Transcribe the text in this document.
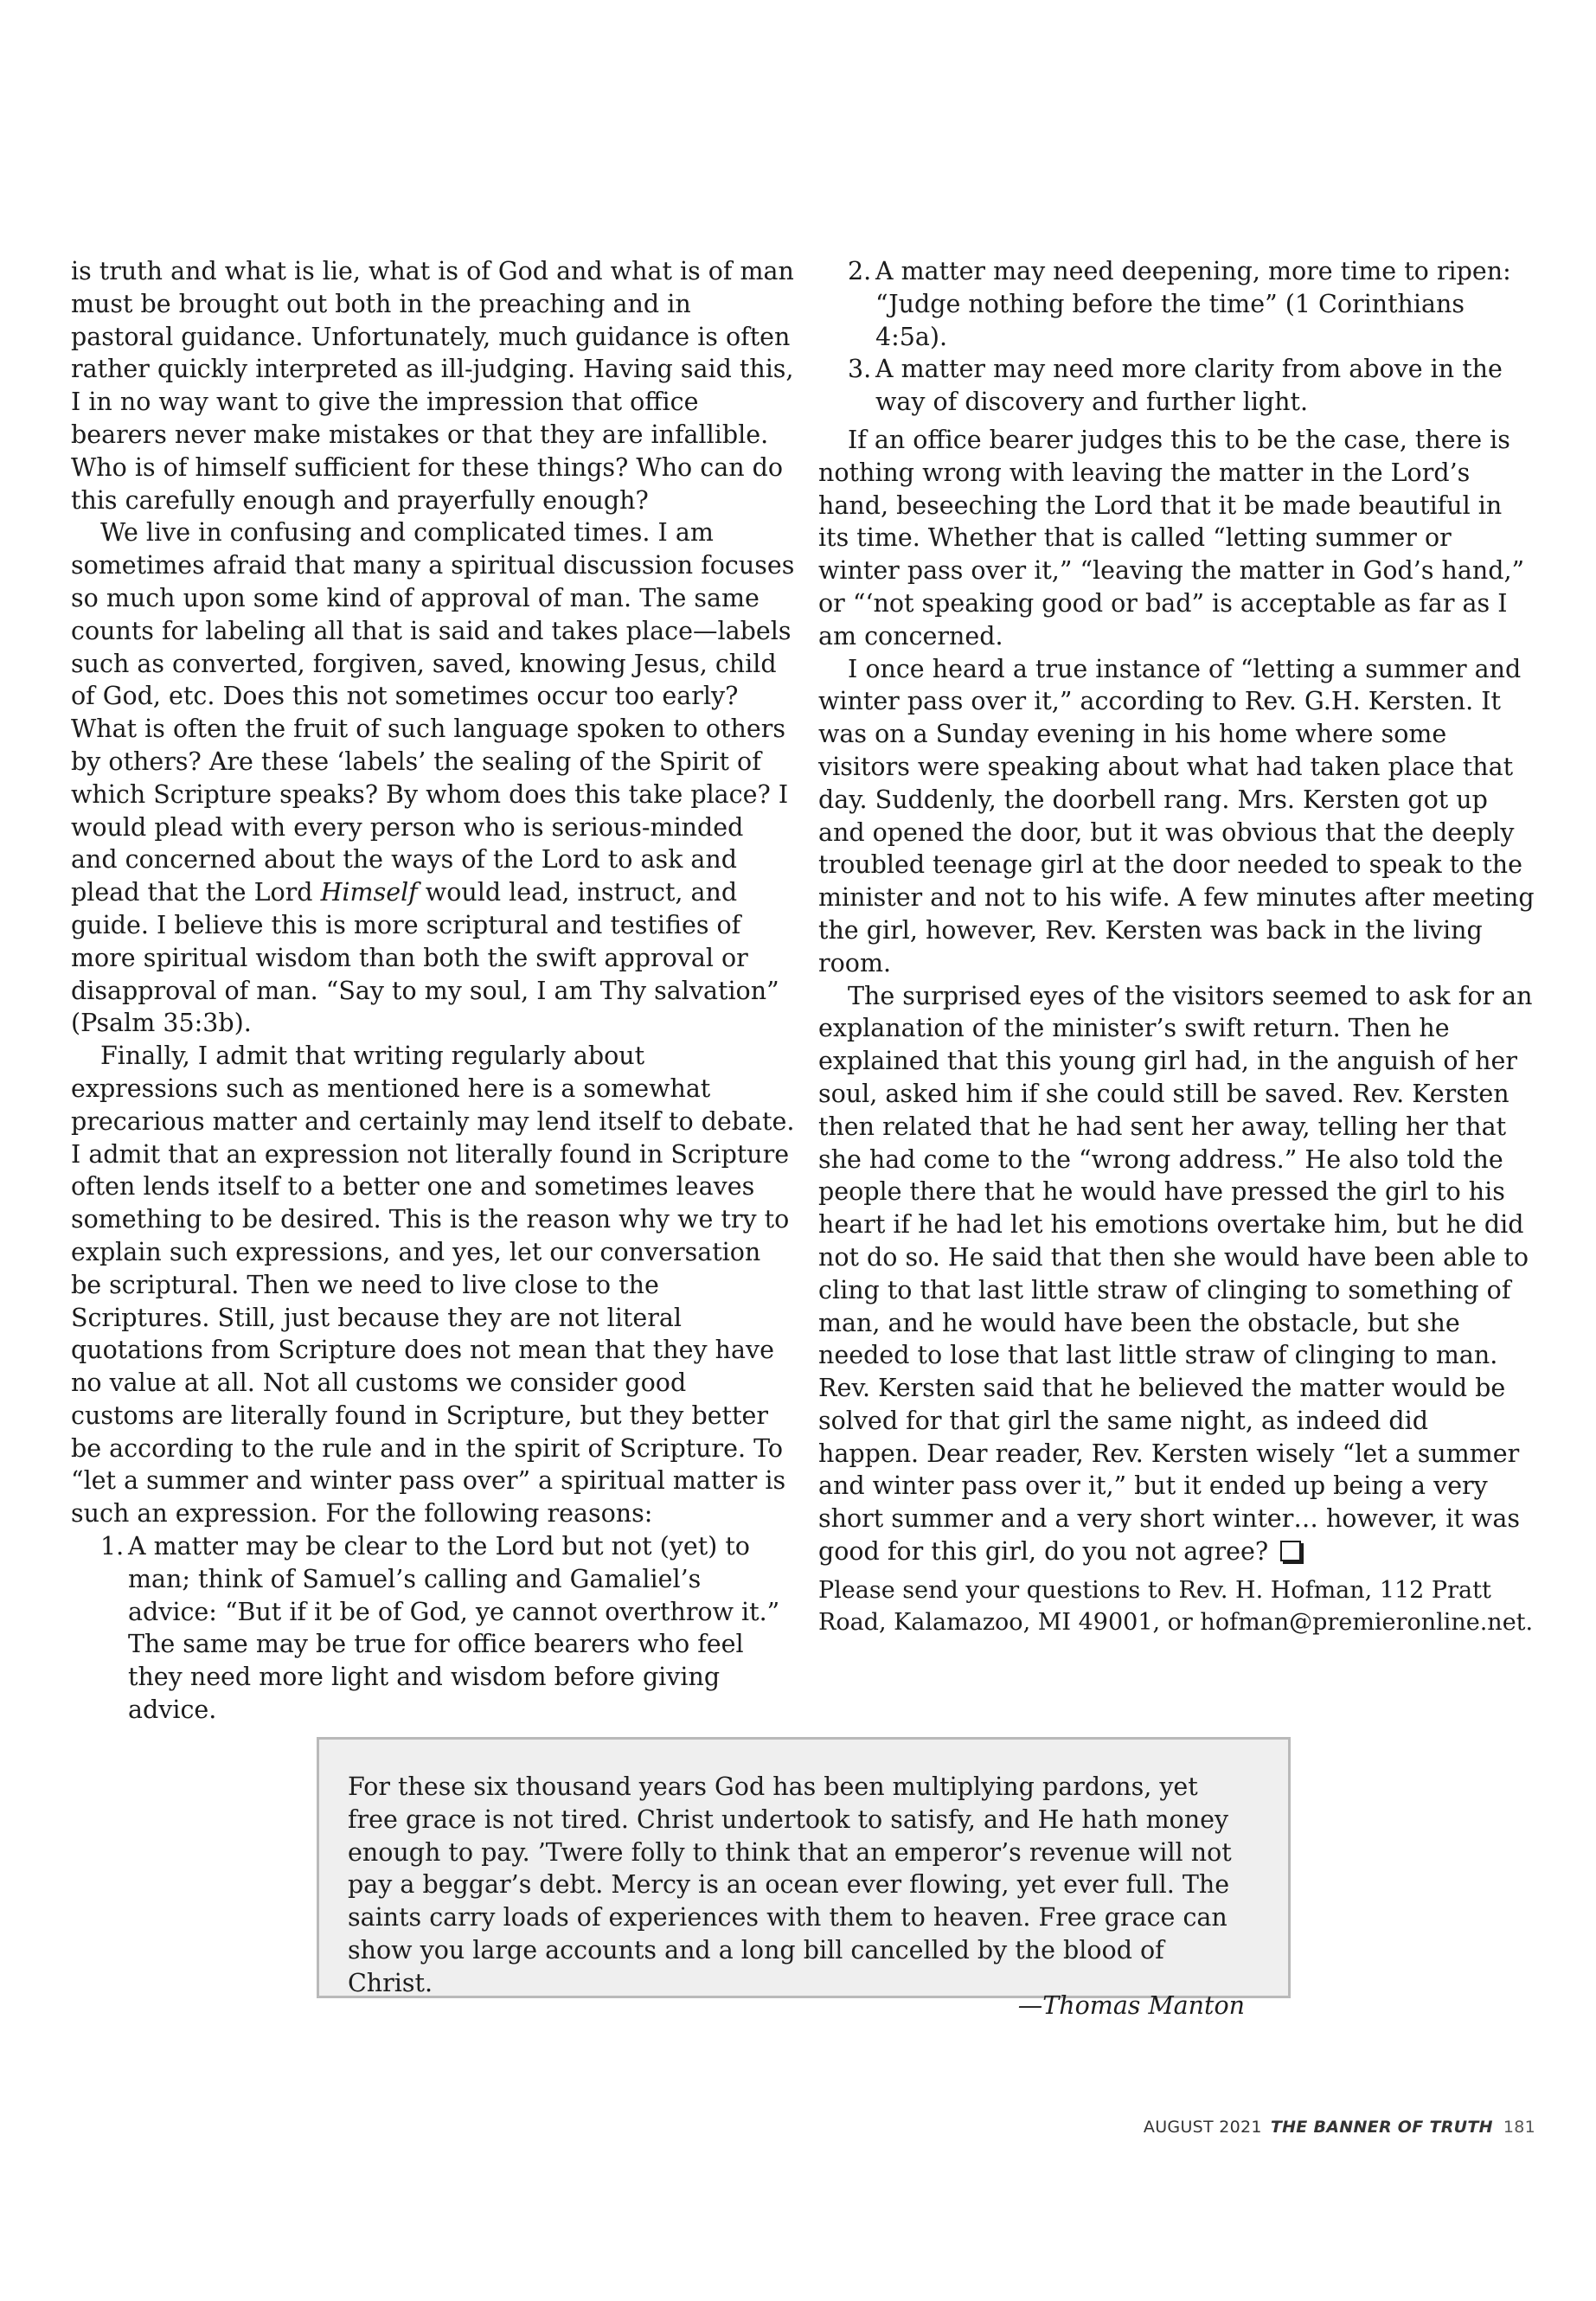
is truth and what is lie, what is of God and what is of man must be brought out both in the preaching and in pastoral guidance. Unfortunately, much guidance is often rather quickly interpreted as ill-judging. Having said this, I in no way want to give the impression that office bearers never make mistakes or that they are infallible. Who is of himself sufficient for these things? Who can do this carefully enough and prayerfully enough?

We live in confusing and complicated times. I am sometimes afraid that many a spiritual discussion focuses so much upon some kind of approval of man. The same counts for labeling all that is said and takes place—labels such as converted, forgiven, saved, knowing Jesus, child of God, etc. Does this not sometimes occur too early? What is often the fruit of such language spoken to others by others? Are these ‘labels’ the sealing of the Spirit of which Scripture speaks? By whom does this take place? I would plead with every person who is serious-minded and concerned about the ways of the Lord to ask and plead that the Lord Himself would lead, instruct, and guide. I believe this is more scriptural and testifies of more spiritual wisdom than both the swift approval or disapproval of man. “Say to my soul, I am Thy salvation” (Psalm 35:3b).

Finally, I admit that writing regularly about expressions such as mentioned here is a somewhat precarious matter and certainly may lend itself to debate. I admit that an expression not literally found in Scripture often lends itself to a better one and sometimes leaves something to be desired. This is the reason why we try to explain such expressions, and yes, let our conversation be scriptural. Then we need to live close to the Scriptures. Still, just because they are not literal quotations from Scripture does not mean that they have no value at all. Not all customs we consider good customs are literally found in Scripture, but they better be according to the rule and in the spirit of Scripture. To “let a summer and winter pass over” a spiritual matter is such an expression. For the following reasons:

1. A matter may be clear to the Lord but not (yet) to man; think of Samuel’s calling and Gamaliel’s advice: “But if it be of God, ye cannot overthrow it.” The same may be true for office bearers who feel they need more light and wisdom before giving advice.
2. A matter may need deepening, more time to ripen: “Judge nothing before the time” (1 Corinthians 4:5a).
3. A matter may need more clarity from above in the way of discovery and further light.

If an office bearer judges this to be the case, there is nothing wrong with leaving the matter in the Lord’s hand, beseeching the Lord that it be made beautiful in its time. Whether that is called “letting summer or winter pass over it,” “leaving the matter in God’s hand,” or “‘not speaking good or bad” is acceptable as far as I am concerned.

I once heard a true instance of “letting a summer and winter pass over it,” according to Rev. G.H. Kersten. It was on a Sunday evening in his home where some visitors were speaking about what had taken place that day. Suddenly, the doorbell rang. Mrs. Kersten got up and opened the door, but it was obvious that the deeply troubled teenage girl at the door needed to speak to the minister and not to his wife. A few minutes after meeting the girl, however, Rev. Kersten was back in the living room.

The surprised eyes of the visitors seemed to ask for an explanation of the minister’s swift return. Then he explained that this young girl had, in the anguish of her soul, asked him if she could still be saved. Rev. Kersten then related that he had sent her away, telling her that she had come to the “wrong address.” He also told the people there that he would have pressed the girl to his heart if he had let his emotions overtake him, but he did not do so. He said that then she would have been able to cling to that last little straw of clinging to something of man, and he would have been the obstacle, but she needed to lose that last little straw of clinging to man. Rev. Kersten said that he believed the matter would be solved for that girl the same night, as indeed did happen. Dear reader, Rev. Kersten wisely “let a summer and winter pass over it,” but it ended up being a very short summer and a very short winter… however, it was good for this girl, do you not agree?

Please send your questions to Rev. H. Hofman, 112 Pratt Road, Kalamazoo, MI 49001, or hofman@premieronline.net.
For these six thousand years God has been multiplying pardons, yet free grace is not tired. Christ undertook to satisfy, and He hath money enough to pay. ’Twere folly to think that an emperor’s revenue will not pay a beggar’s debt. Mercy is an ocean ever flowing, yet ever full. The saints carry loads of experiences with them to heaven. Free grace can show you large accounts and a long bill cancelled by the blood of Christ.
—Thomas Manton
AUGUST 2021 THE BANNER OF TRUTH 181
